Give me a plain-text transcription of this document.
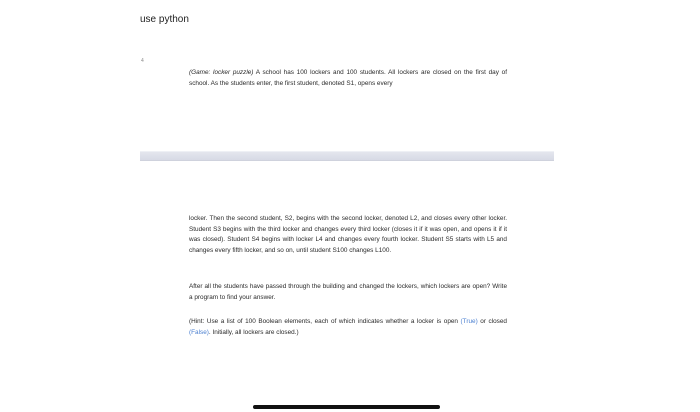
use python

4

(Game: locker puzzle) A school has 100 lockers and 100 students. All lockers are closed on the first day of school. As the students enter, the first student, denoted S1, opens every

locker. Then the second student, S2, begins with the second locker, denoted L2, and closes every other locker. Student S3 begins with the third locker and changes every third locker (closes it if it was open, and opens it if it was closed). Student S4 begins with locker L4 and changes every fourth locker. Student S5 starts with L5 and changes every fifth locker, and so on, until student S100 changes L100.

After all the students have passed through the building and changed the lockers, which lockers are open? Write a program to find your answer.

(Hint: Use a list of 100 Boolean elements, each of which indicates whether a locker is open (True) or closed (False). Initially, all lockers are closed.)
